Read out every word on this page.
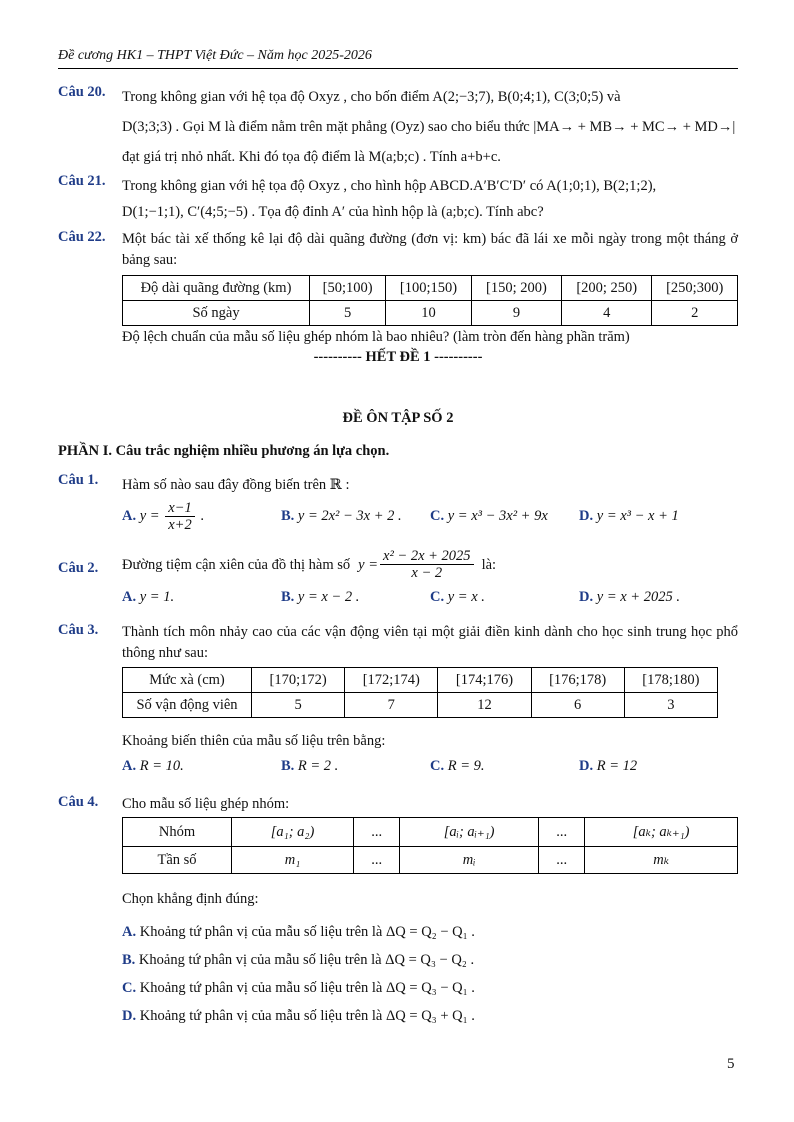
Đề cương HK1 – THPT Việt Đức – Năm học 2025-2026
Câu 20. Trong không gian với hệ tọa độ Oxyz , cho bốn điểm A(2;−3;7), B(0;4;1), C(3;0;5) và
D(3;3;3) . Gọi M là điểm nằm trên mặt phẳng (Oyz) sao cho biểu thức |MA→ + MB→ + MC→ + MD→|
đạt giá trị nhỏ nhất. Khi đó tọa độ điểm là M(a;b;c) . Tính a+b+c.
Câu 21. Trong không gian với hệ tọa độ Oxyz , cho hình hộp ABCD.A′B′C′D′ có A(1;0;1), B(2;1;2),
D(1;−1;1), C′(4;5;−5) . Tọa độ đỉnh A′ của hình hộp là (a;b;c). Tính abc?
Câu 22. Một bác tài xế thống kê lại độ dài quãng đường (đơn vị: km) bác đã lái xe mỗi ngày trong một tháng ở bảng sau:
Độ dài quãng đường (km)	[50;100)	[100;150)	[150; 200)	[200; 250)	[250;300)
Số ngày	5	10	9	4	2
Độ lệch chuẩn của mẫu số liệu ghép nhóm là bao nhiêu? (làm tròn đến hàng phần trăm)
---------- HẾT ĐỀ 1 ----------
ĐỀ ÔN TẬP SỐ 2
PHẦN I. Câu trắc nghiệm nhiều phương án lựa chọn.
Câu 1. Hàm số nào sau đây đồng biến trên ℝ :
A. $y = \frac{x-1}{x+2}$ .	B. y = 2x² − 3x + 2 .	C. y = x³ − 3x² + 9x	D. y = x³ − x + 1
Câu 2. Đường tiệm cận xiên của đồ thị hàm số $y = \frac{\text{x² − 2x + 2025}}{x - 2}$ là:
A. y = 1.	B. y = x − 2 .	C. y = x .	D. y = x + 2025 .
Câu 3. Thành tích môn nhảy cao của các vận động viên tại một giải điền kinh dành cho học sinh trung học phổ thông như sau:
Mức xà (cm)	[170;172)	[172;174)	[174;176)	[176;178)	[178;180)
Số vận động viên	5	7	12	6	3
Khoảng biến thiên của mẫu số liệu trên bằng:
A. R = 10.	B. R = 2 .	C. R = 9.	D. R = 12
Câu 4. Cho mẫu số liệu ghép nhóm:
Nhóm	[a₁; a₂)	...	[aᵢ; aᵢ₊₁)	...	[aₖ; aₖ₊₁)
Tần số	m₁	...	mᵢ	...	mₖ
Chọn khẳng định đúng:
A. Khoảng tứ phân vị của mẫu số liệu trên là ΔQ = Q₂ − Q₁ .
B. Khoảng tứ phân vị của mẫu số liệu trên là ΔQ = Q₃ − Q₂ .
C. Khoảng tứ phân vị của mẫu số liệu trên là ΔQ = Q₃ − Q₁ .
D. Khoảng tứ phân vị của mẫu số liệu trên là ΔQ = Q₃ + Q₁ .
5
